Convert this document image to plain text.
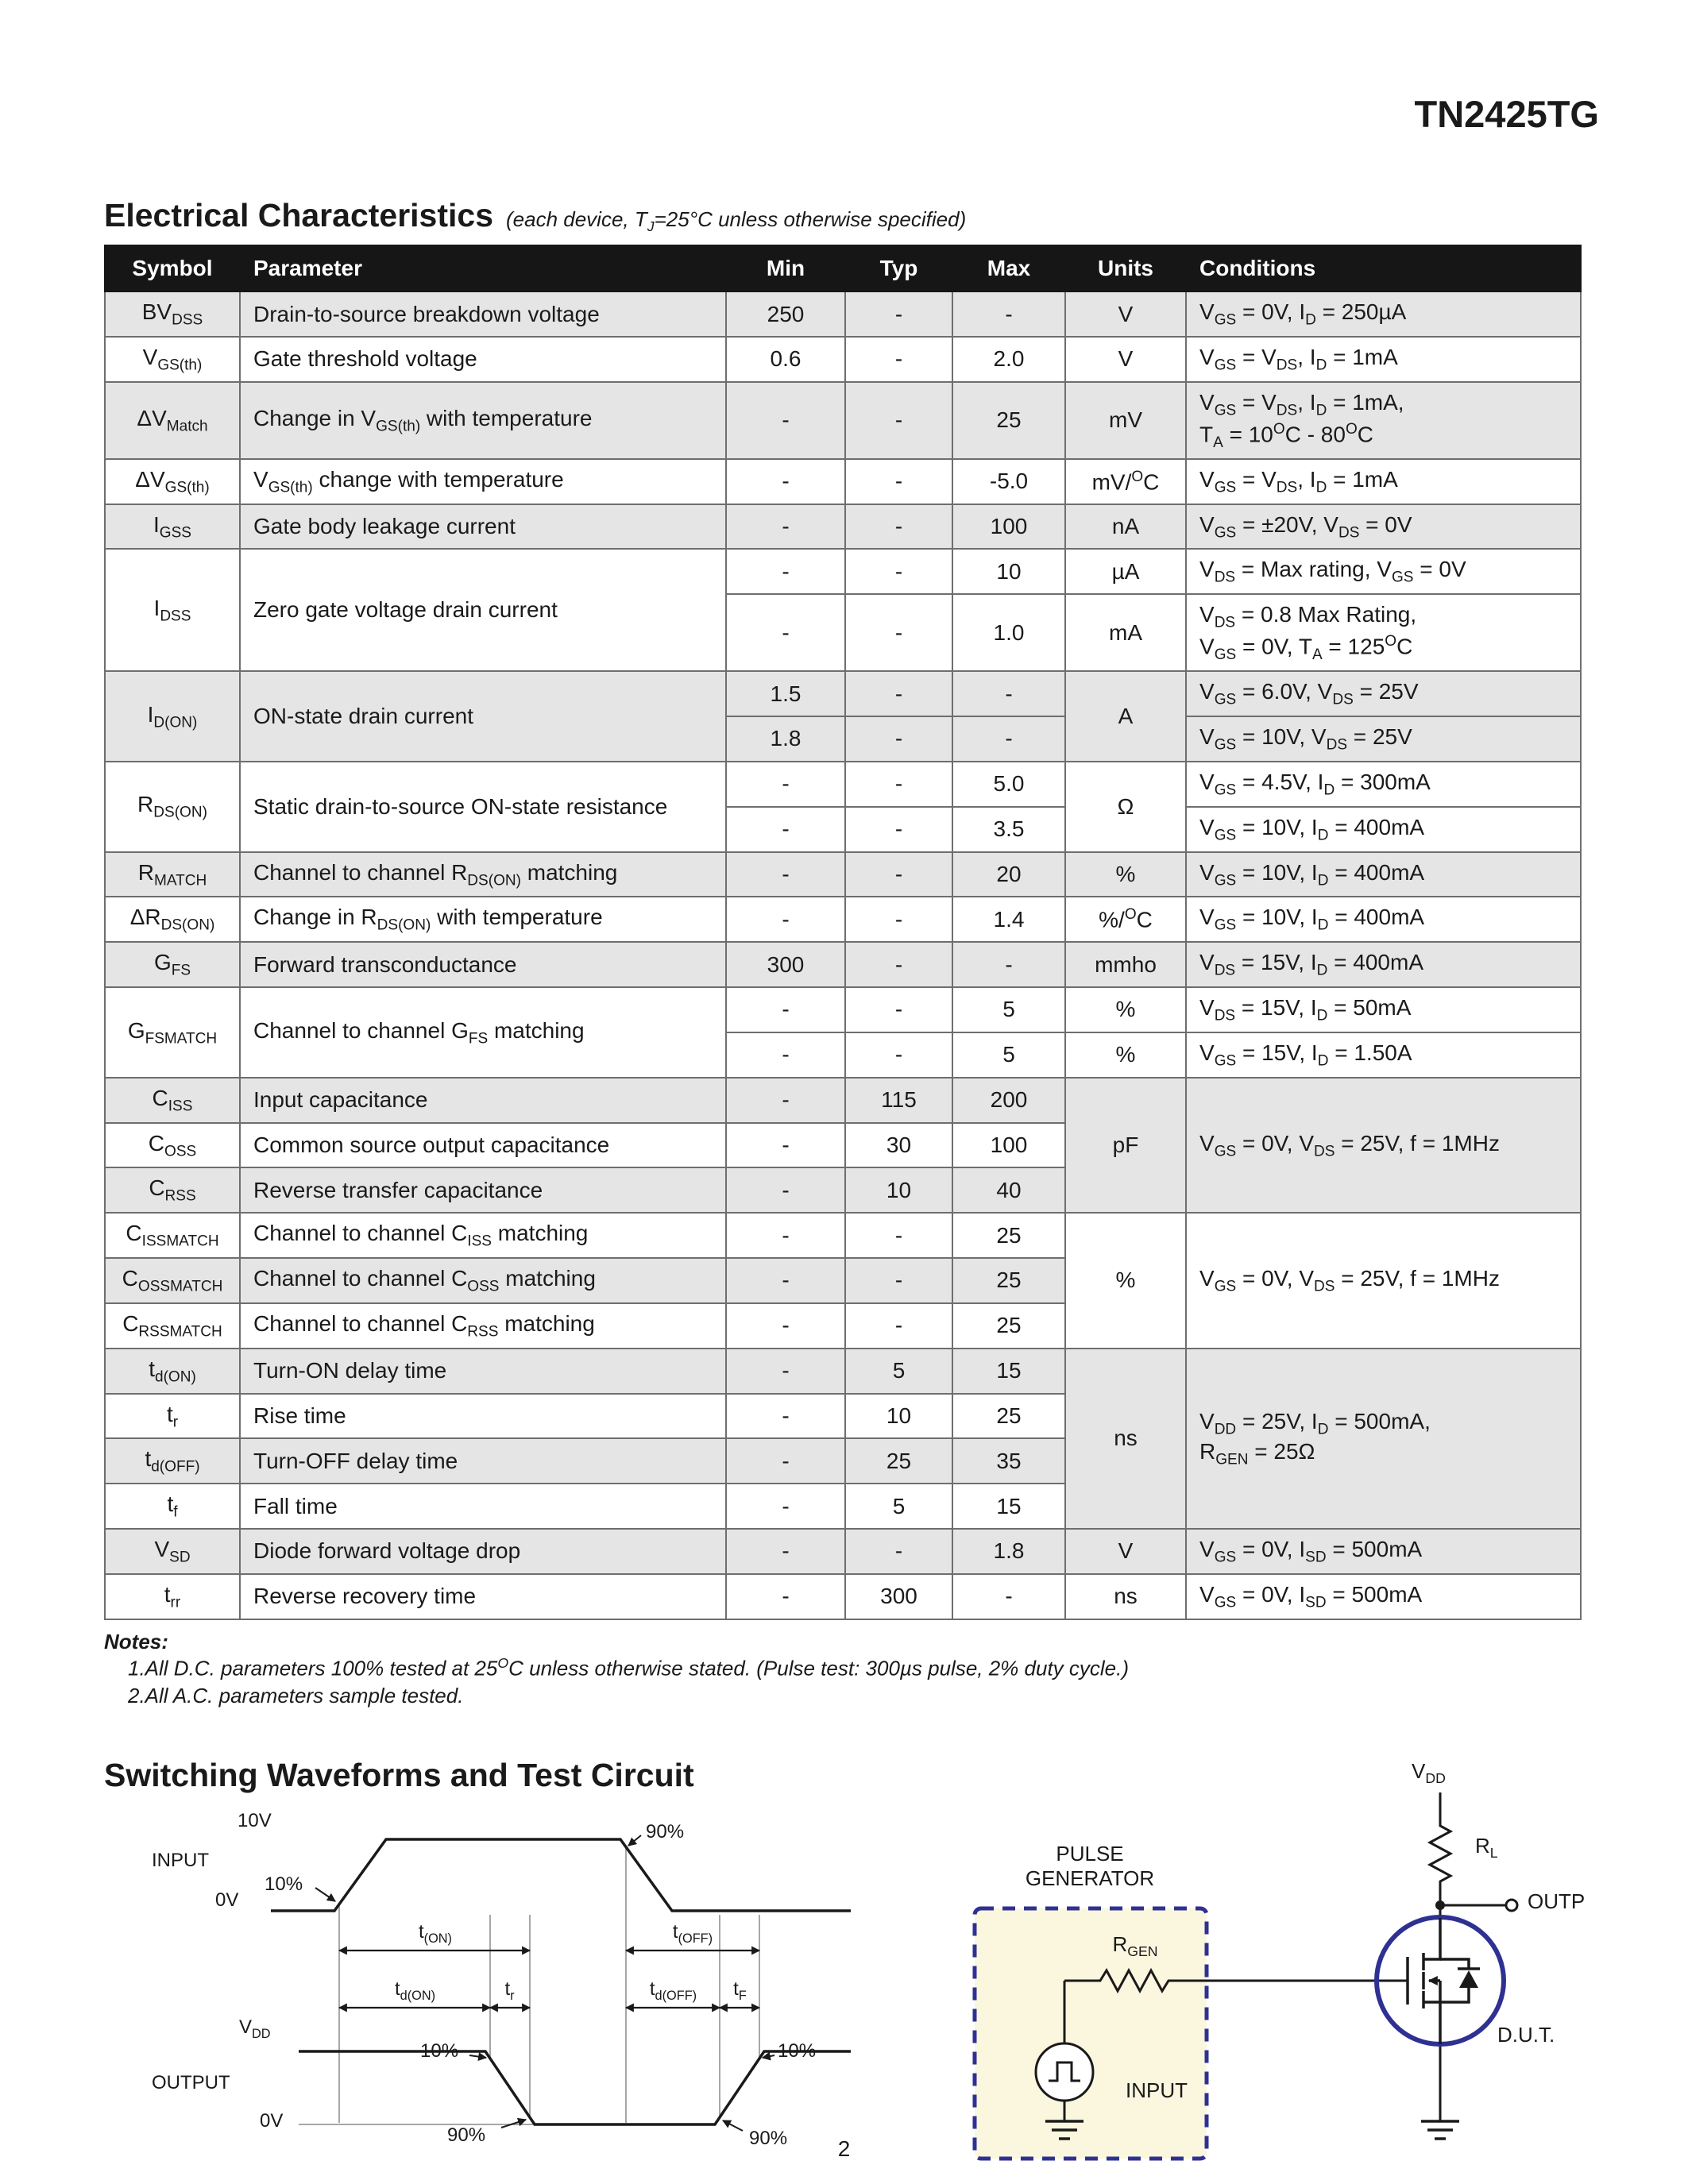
TN2425TG
Electrical Characteristics (each device, $T_J=25^\circ C$ unless otherwise specified)
Symbol	Parameter	Min	Typ	Max	Units	Conditions
$BV_{DSS}$	Drain-to-source breakdown voltage	250	-	-	V	$V_{GS} = 0V$, $I_D = 250\mu A$
$V_{GS(th)}$	Gate threshold voltage	0.6	-	2.0	V	$V_{GS} = V_{DS}$, $I_D = 1mA$
$\Delta V_{Match}$	Change in $V_{GS(th)}$ with temperature	-	-	25	mV	$V_{GS} = V_{DS}$, $I_D = 1mA$,
$T_A = 10^OC - 80^OC$
$\Delta V_{GS(th)}$	$V_{GS(th)}$ change with temperature	-	-	-5.0	mV/$^O$C	$V_{GS} = V_{DS}$, $I_D = 1mA$
$I_{GSS}$	Gate body leakage current	-	-	100	nA	$V_{GS} = \pm 20V$, $V_{DS} = 0V$
$I_{DSS}$	Zero gate voltage drain current	-	-	10	µA	$V_{DS}$ = Max rating, $V_{GS} = 0V$
		-	-	1.0	mA	$V_{DS} = 0.8$ Max Rating,
$V_{GS} = 0V$, $T_A = 125^OC$
$I_{D(ON)}$	ON-state drain current	1.5	-	-	A	$V_{GS} = 6.0V$, $V_{DS} = 25V$
		1.8	-	-		$V_{GS} = 10V$, $V_{DS} = 25V$
$R_{DS(ON)}$	Static drain-to-source ON-state resistance	-	-	5.0	Ω	$V_{GS} = 4.5V$, $I_D = 300mA$
		-	-	3.5		$V_{GS} = 10V$, $I_D = 400mA$
$R_{MATCH}$	Channel to channel $R_{DS(ON)}$ matching	-	-	20	%	$V_{GS} = 10V$, $I_D = 400mA$
$\Delta R_{DS(ON)}$	Change in $R_{DS(ON)}$ with temperature	-	-	1.4	%/$^O$C	$V_{GS} = 10V$, $I_D = 400mA$
$G_{FS}$	Forward transconductance	300	-	-	mmho	$V_{DS} = 15V$, $I_D = 400mA$
$G_{FSMATCH}$	Channel to channel $G_{FS}$ matching	-	-	5	%	$V_{DS} = 15V$, $I_D = 50mA$
		-	-	5	%	$V_{GS} = 15V$, $I_D = 1.50A$
$C_{ISS}$	Input capacitance	-	115	200	pF	$V_{GS} = 0V$, $V_{DS} = 25V$, f = 1MHz
$C_{OSS}$	Common source output capacitance	-	30	100		
$C_{RSS}$	Reverse transfer capacitance	-	10	40		
$C_{ISSMATCH}$	Channel to channel $C_{ISS}$ matching	-	-	25	%	$V_{GS} = 0V$, $V_{DS} = 25V$, f = 1MHz
$C_{OSSMATCH}$	Channel to channel $C_{OSS}$ matching	-	-	25		
$C_{RSSMATCH}$	Channel to channel $C_{RSS}$ matching	-	-	25		
$t_{d(ON)}$	Turn-ON delay time	-	5	15	ns	$V_{DD} = 25V$, $I_D = 500mA$,
$R_{GEN} = 25\Omega$
$t_r$	Rise time	-	10	25		
$t_{d(OFF)}$	Turn-OFF delay time	-	25	35		
$t_f$	Fall time	-	5	15		
$V_{SD}$	Diode forward voltage drop	-	-	1.8	V	$V_{GS} = 0V$, $I_{SD} = 500mA$
$t_{rr}$	Reverse recovery time	-	300	-	ns	$V_{GS} = 0V$, $I_{SD} = 500mA$
Notes:
1.All D.C. parameters 100% tested at $25^OC$ unless otherwise stated. (Pulse test: 300µs pulse, 2% duty cycle.)
2.All A.C. parameters sample tested.
Switching Waveforms and Test Circuit
10V
INPUT
0V
10%
90%
$t_{(ON)}$	$t_{(OFF)}$
$t_{d(ON)}$	$t_r$	$t_{d(OFF)}$	$t_F$
$V_{DD}$
10%	10%
OUTPUT
0V
90%	90%
PULSE
GENERATOR
$R_{GEN}$
INPUT
$V_{DD}$
$R_L$
OUTP
D.U.T.
2
